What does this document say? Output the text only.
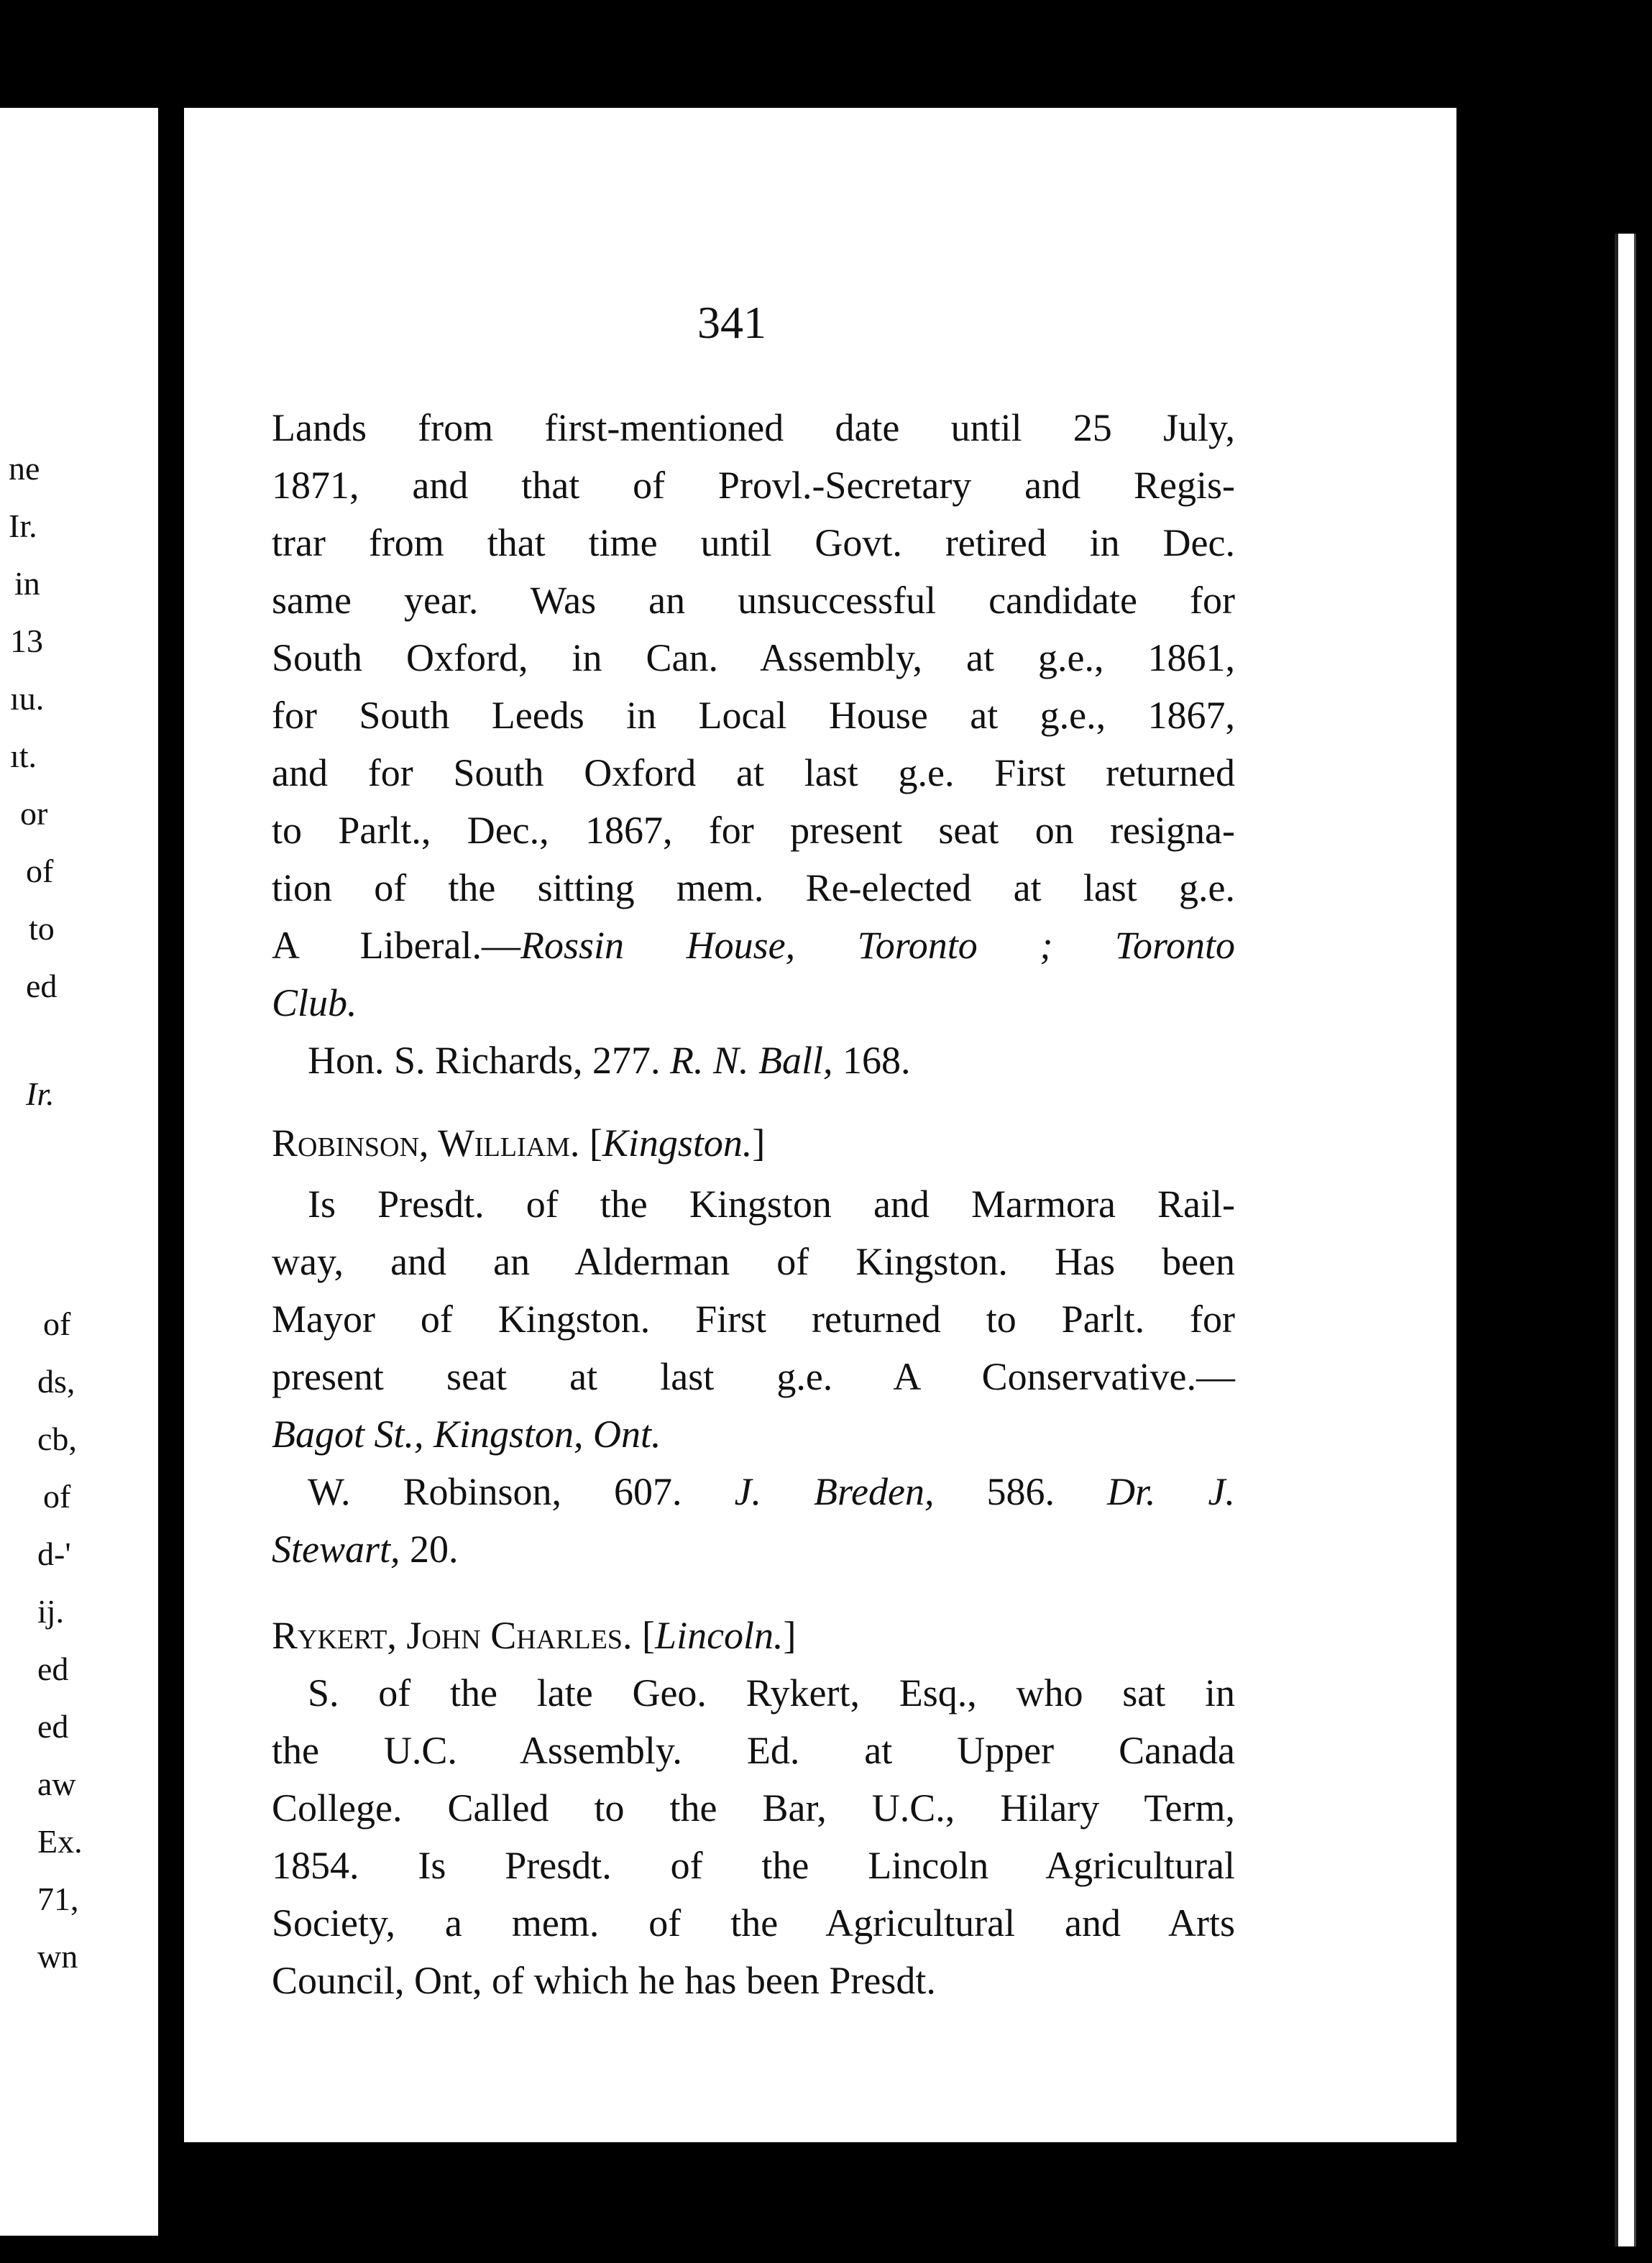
ne
Ir.
in
13
ıu.
ıt.
or
of
to
ed
Ir.
of
ds,
cb,
of
d-'
ij.
ed
ed
aw
Ex.
71,
wn
341
Lands from first-mentioned date until 25 July,
1871, and that of Provl.-Secretary and Regis-
trar from that time until Govt. retired in Dec.
same year. Was an unsuccessful candidate for
South Oxford, in Can. Assembly, at g.e., 1861,
for South Leeds in Local House at g.e., 1867,
and for South Oxford at last g.e. First returned
to Parlt., Dec., 1867, for present seat on resigna-
tion of the sitting mem. Re-elected at last g.e.
A Liberal.—Rossin House, Toronto ; Toronto
Club.
Hon. S. Richards, 277. R. N. Ball, 168.
Robinson, William. [Kingston.]
Is Presdt. of the Kingston and Marmora Rail-
way, and an Alderman of Kingston. Has been
Mayor of Kingston. First returned to Parlt. for
present seat at last g.e. A Conservative.—
Bagot St., Kingston, Ont.
W. Robinson, 607. J. Breden, 586. Dr. J.
Stewart, 20.
Rykert, John Charles. [Lincoln.]
S. of the late Geo. Rykert, Esq., who sat in
the U.C. Assembly. Ed. at Upper Canada
College. Called to the Bar, U.C., Hilary Term,
1854. Is Presdt. of the Lincoln Agricultural
Society, a mem. of the Agricultural and Arts
Council, Ont, of which he has been Presdt.
